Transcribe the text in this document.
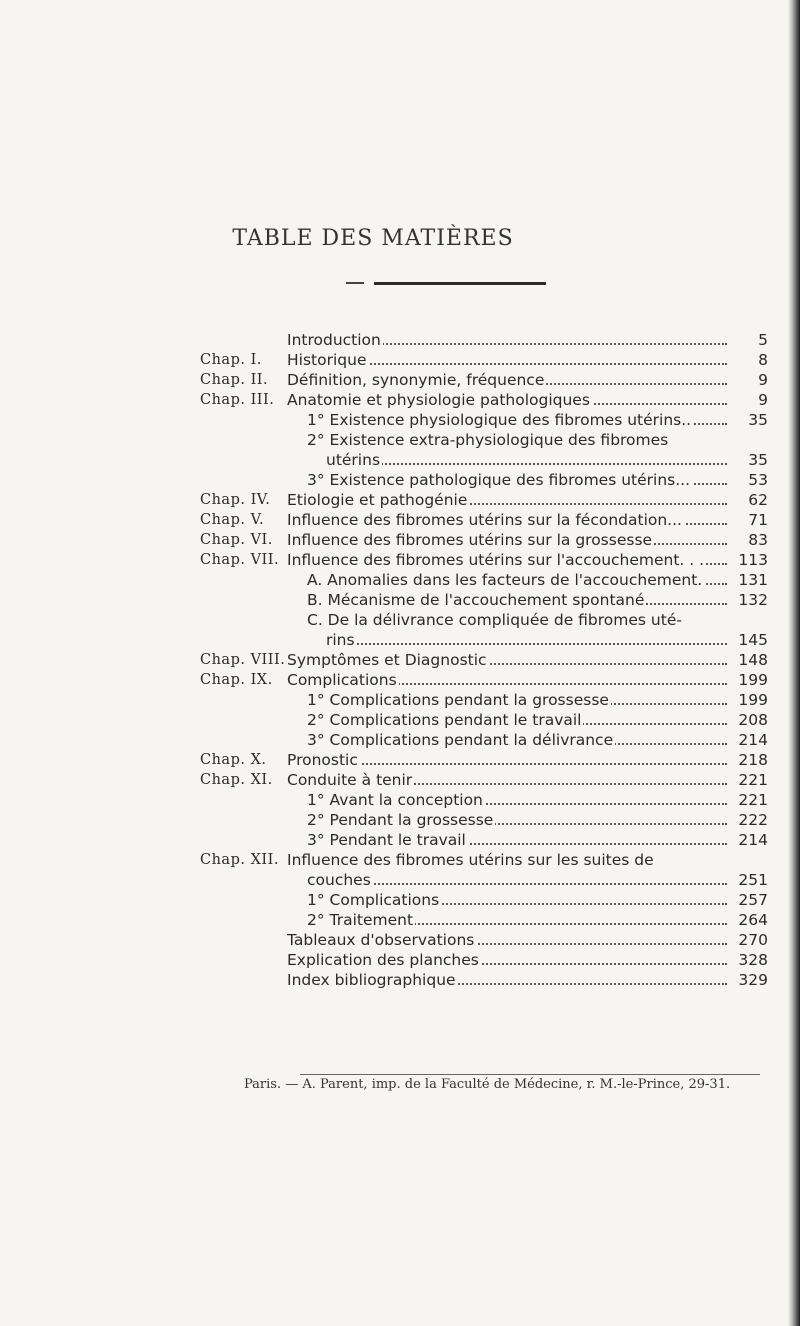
TABLE DES MATIÈRES
Introduction	5
Chap. I. Historique	8
Chap. II. Définition, synonymie, fréquence	9
Chap. III. Anatomie et physiologie pathologiques	9
1° Existence physiologique des fibromes utérins..	35
2° Existence extra-physiologique des fibromes
utérins	35
3° Existence pathologique des fibromes utérins...	53
Chap. IV. Etiologie et pathogénie	62
Chap. V. Influence des fibromes utérins sur la fécondation...	71
Chap. VI. Influence des fibromes utérins sur la grossesse	83
Chap. VII. Influence des fibromes utérins sur l'accouchement. . .	113
A. Anomalies dans les facteurs de l'accouchement.	131
B. Mécanisme de l'accouchement spontané	132
C. De la délivrance compliquée de fibromes uté-
rins	145
Chap. VIII. Symptômes et Diagnostic	148
Chap. IX. Complications	199
1° Complications pendant la grossesse	199
2° Complications pendant le travail	208
3° Complications pendant la délivrance	214
Chap. X. Pronostic	218
Chap. XI. Conduite à tenir	221
1° Avant la conception	221
2° Pendant la grossesse	222
3° Pendant le travail	214
Chap. XII. Influence des fibromes utérins sur les suites de
couches	251
1° Complications	257
2° Traitement	264
Tableaux d'observations	270
Explication des planches	328
Index bibliographique	329
Paris. — A. Parent, imp. de la Faculté de Médecine, r. M.-le-Prince, 29-31.
